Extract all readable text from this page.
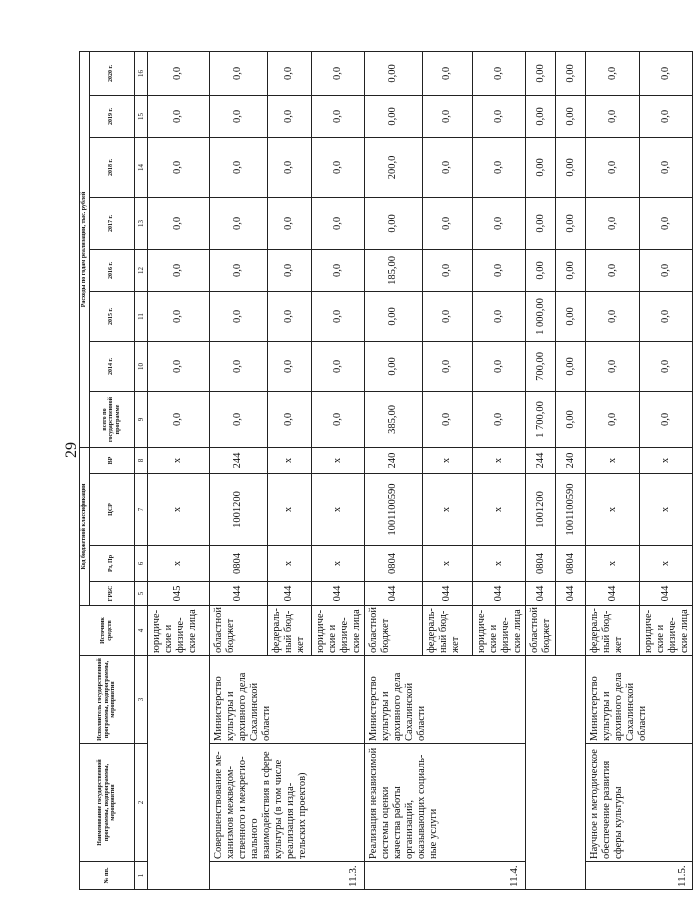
29
№ пп.	Наименование государственной программы, подпрограммы, мероприятия	Исполнитель государственной программы, подпрограммы, мероприятия	Источник средств	Код бюджетной классификации				Расходы по годам реализации, тыс. рублей							
				ГРБС	Рз, Пр	ЦСР	ВР	всего по государственной программе	2014 г.	2015 г.	2016 г.	2017 г.	2018 г.	2019 г.	2020 г.
1	2	3	4	5	6	7	8	9	10	11	12	13	14	15	16
			юридиче-ские и физиче-ские лица	045	х	х	х	0,0	0,0	0,0	0,0	0,0	0,0	0,0	0,0
11.3.	Совершенствование ме-ханизмов межведом-ственного и межрегио-нального взаимодействия в сфере культуры (в том числе реализация изда-тельских проектов)	Министерство культуры и архивного дела Сахалинской области	областной бюджет	044	0804	1001200	244	0,0	0,0	0,0	0,0	0,0	0,0	0,0	0,0
			федераль-ный бюд-жет	044	х	х	х	0,0	0,0	0,0	0,0	0,0	0,0	0,0	0,0
			юридиче-ские и физиче-ские лица	044	х	х	х	0,0	0,0	0,0	0,0	0,0	0,0	0,0	0,0
11.4.	Реализация независимой системы оценки качества работы организаций, оказывающих социаль-ные услуги	Министерство культуры и архивного дела Сахалинской области	областной бюджет	044	0804	1001100590	240	385,00	0,00	0,00	185,00	0,00	200,0	0,00	0,00
			федераль-ный бюд-жет	044	х	х	х	0,0	0,0	0,0	0,0	0,0	0,0	0,0	0,0
			юридиче-ские и физиче-ские лица	044	х	х	х	0,0	0,0	0,0	0,0	0,0	0,0	0,0	0,0
			областной бюджет	044	0804	1001200	244	1 700,00	700,00	1 000,00	0,00	0,00	0,00	0,00	0,00
				044	0804	1001100590	240	0,00	0,00	0,00	0,00	0,00	0,00	0,00	0,00
11.5.	Научное и методическое обеспечение развития сферы культуры	Министерство культуры и архивного дела Сахалинской области	федераль-ный бюд-жет	044	х	х	х	0,0	0,0	0,0	0,0	0,0	0,0	0,0	0,0
			юридиче-ские и физиче-ские лица	044	х	х	х	0,0	0,0	0,0	0,0	0,0	0,0	0,0	0,0
